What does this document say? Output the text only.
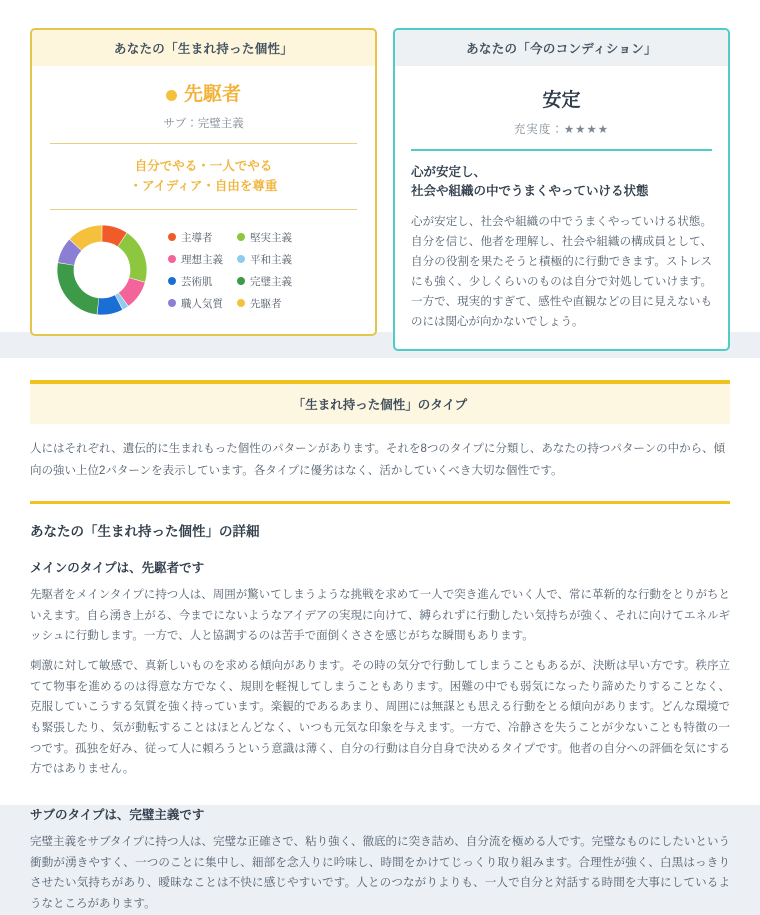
あなたの「生まれ持った個性」
先駆者
サブ：完璧主義
自分でやる・一人でやる
・アイディア・自由を尊重
主導者	堅実主義
理想主義	平和主義
芸術肌	完璧主義
職人気質	先駆者
あなたの「今のコンディション」
安定
充実度：★★★★
心が安定し、
社会や組織の中でうまくやっていける状態
心が安定し、社会や組織の中でうまくやっていける状態。自分を信じ、他者を理解し、社会や組織の構成員として、自分の役割を果たそうと積極的に行動できます。ストレスにも強く、少しくらいのものは自分で対処していけます。一方で、現実的すぎて、感性や直観などの目に見えないものには関心が向かないでしょう。
「生まれ持った個性」のタイプ
人にはそれぞれ、遺伝的に生まれもった個性のパターンがあります。それを8つのタイプに分類し、あなたの持つパターンの中から、傾向の強い上位2パターンを表示しています。各タイプに優劣はなく、活かしていくべき大切な個性です。
あなたの「生まれ持った個性」の詳細
メインのタイプは、先駆者です

先駆者をメインタイプに持つ人は、周囲が驚いてしまうような挑戦を求めて一人で突き進んでいく人で、常に革新的な行動をとりがちといえます。自ら湧き上がる、今までにないようなアイデアの実現に向けて、縛られずに行動したい気持ちが強く、それに向けてエネルギッシュに行動します。一方で、人と協調するのは苦手で面倒くささを感じがちな瞬間もあります。

刺激に対して敏感で、真新しいものを求める傾向があります。その時の気分で行動してしまうこともあるが、決断は早い方です。秩序立てて物事を進めるのは得意な方でなく、規則を軽視してしまうこともあります。困難の中でも弱気になったり諦めたりすることなく、克服していこうする気質を強く持っています。楽観的であるあまり、周囲には無謀とも思える行動をとる傾向があります。どんな環境でも緊張したり、気が動転することはほとんどなく、いつも元気な印象を与えます。一方で、冷静さを失うことが少ないことも特徴の一つです。孤独を好み、従って人に頼ろうという意識は薄く、自分の行動は自分自身で決めるタイプです。他者の自分への評価を気にする方ではありません。

サブのタイプは、完璧主義です

完璧主義をサブタイプに持つ人は、完璧な正確さで、粘り強く、徹底的に突き詰め、自分流を極める人です。完璧なものにしたいという衝動が湧きやすく、一つのことに集中し、細部を念入りに吟味し、時間をかけてじっくり取り組みます。合理性が強く、白黒はっきりさせたい気持ちがあり、曖昧なことは不快に感じやすいです。人とのつながりよりも、一人で自分と対話する時間を大事にしているようなところがあります。
